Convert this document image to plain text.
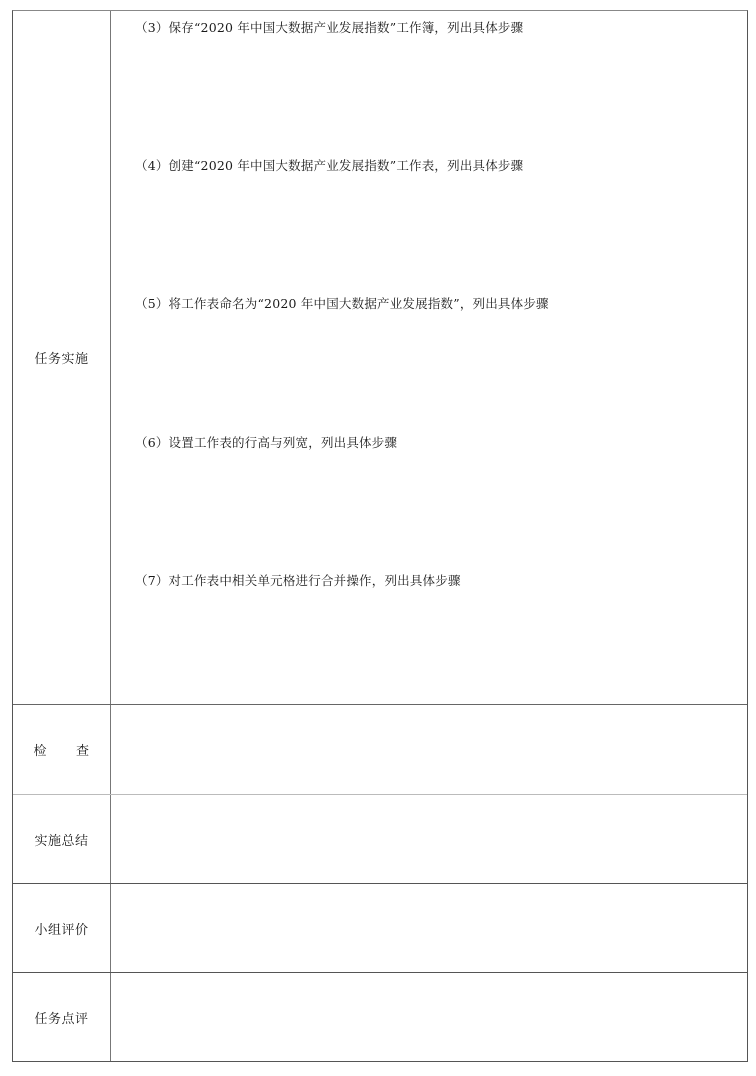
任务实施
（3）保存“2020 年中国大数据产业发展指数”工作簿，列出具体步骤
（4）创建“2020 年中国大数据产业发展指数”工作表，列出具体步骤
（5）将工作表命名为“2020 年中国大数据产业发展指数”，列出具体步骤
（6）设置工作表的行高与列宽，列出具体步骤
（7）对工作表中相关单元格进行合并操作，列出具体步骤
检 查
实施总结
小组评价
任务点评
